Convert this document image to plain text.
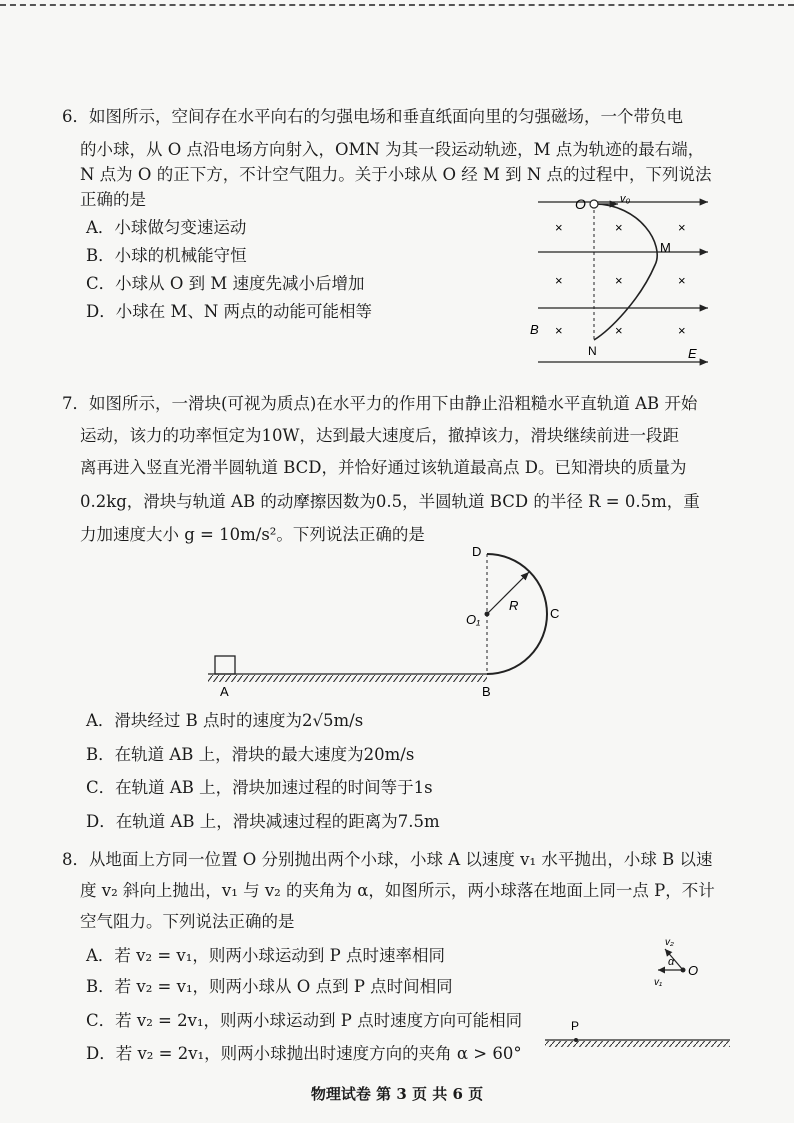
6．如图所示，空间存在水平向右的匀强电场和垂直纸面向里的匀强磁场，一个带负电
的小球，从 O 点沿电场方向射入，OMN 为其一段运动轨迹，M 点为轨迹的最右端，
N 点为 O 的正下方，不计空气阻力。关于小球从 O 经 M 到 N 点的过程中，下列说法
正确的是
A．小球做匀变速运动
B．小球的机械能守恒
C．小球从 O 到 M 速度先减小后增加
D．小球在 M、N 两点的动能可能相等
O	v₀
M
N
B
E
×	×	×
×	×	×
×	×	×
7．如图所示，一滑块(可视为质点)在水平力的作用下由静止沿粗糙水平直轨道 AB 开始
运动，该力的功率恒定为10W，达到最大速度后，撤掉该力，滑块继续前进一段距
离再进入竖直光滑半圆轨道 BCD，并恰好通过该轨道最高点 D。已知滑块的质量为
0.2kg，滑块与轨道 AB 的动摩擦因数为0.5，半圆轨道 BCD 的半径 R = 0.5m，重
力加速度大小 g = 10m/s²。下列说法正确的是
D
O₁
R
C
A	B
A．滑块经过 B 点时的速度为2√5m/s
B．在轨道 AB 上，滑块的最大速度为20m/s
C．在轨道 AB 上，滑块加速过程的时间等于1s
D．在轨道 AB 上，滑块减速过程的距离为7.5m
8．从地面上方同一位置 O 分别抛出两个小球，小球 A 以速度 v₁ 水平抛出，小球 B 以速
度 v₂ 斜向上抛出，v₁ 与 v₂ 的夹角为 α，如图所示，两小球落在地面上同一点 P，不计
空气阻力。下列说法正确的是
A．若 v₂ = v₁，则两小球运动到 P 点时速率相同
B．若 v₂ = v₁，则两小球从 O 点到 P 点时间相同
C．若 v₂ = 2v₁，则两小球运动到 P 点时速度方向可能相同
D．若 v₂ = 2v₁，则两小球抛出时速度方向的夹角 α > 60°
v₂
α
O
v₁
P
物理试卷 第 3 页 共 6 页
